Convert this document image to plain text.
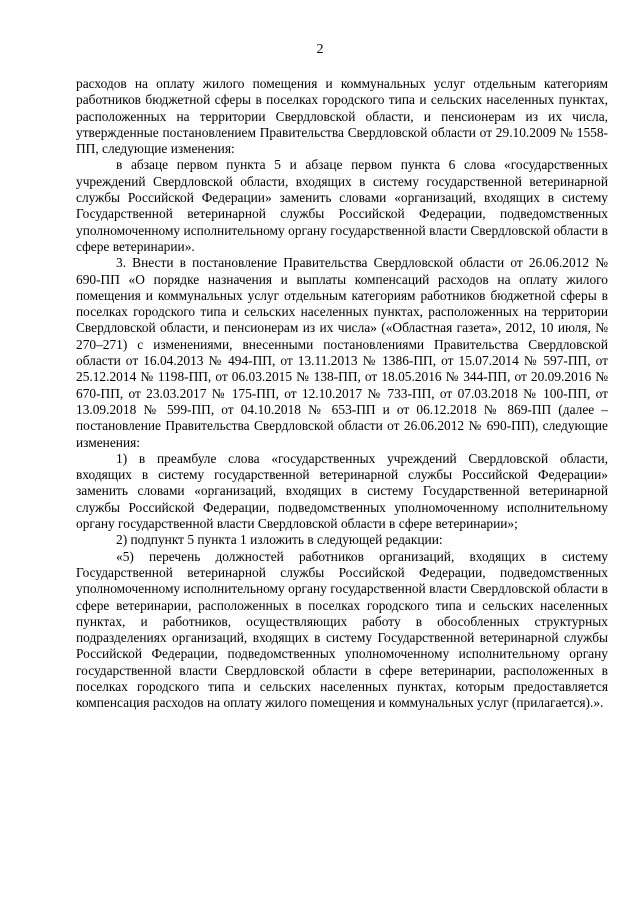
2

расходов на оплату жилого помещения и коммунальных услуг отдельным категориям работников бюджетной сферы в поселках городского типа и сельских населенных пунктах, расположенных на территории Свердловской области, и пенсионерам из их числа, утвержденные постановлением Правительства Свердловской области от 29.10.2009 № 1558-ПП, следующие изменения:

в абзаце первом пункта 5 и абзаце первом пункта 6 слова «государственных учреждений Свердловской области, входящих в систему государственной ветеринарной службы Российской Федерации» заменить словами «организаций, входящих в систему Государственной ветеринарной службы Российской Федерации, подведомственных уполномоченному исполнительному органу государственной власти Свердловской области в сфере ветеринарии».

3. Внести в постановление Правительства Свердловской области от 26.06.2012 № 690-ПП «О порядке назначения и выплаты компенсаций расходов на оплату жилого помещения и коммунальных услуг отдельным категориям работников бюджетной сферы в поселках городского типа и сельских населенных пунктах, расположенных на территории Свердловской области, и пенсионерам из их числа» («Областная газета», 2012, 10 июля, № 270–271) с изменениями, внесенными постановлениями Правительства Свердловской области от 16.04.2013 № 494-ПП, от 13.11.2013 № 1386-ПП, от 15.07.2014 № 597-ПП, от 25.12.2014 № 1198-ПП, от 06.03.2015 № 138-ПП, от 18.05.2016 № 344-ПП, от 20.09.2016 № 670-ПП, от 23.03.2017 № 175-ПП, от 12.10.2017 № 733-ПП, от 07.03.2018 № 100-ПП, от 13.09.2018 № 599-ПП, от 04.10.2018 № 653-ПП и от 06.12.2018 № 869-ПП (далее – постановление Правительства Свердловской области от 26.06.2012 № 690-ПП), следующие изменения:

1) в преамбуле слова «государственных учреждений Свердловской области, входящих в систему государственной ветеринарной службы Российской Федерации» заменить словами «организаций, входящих в систему Государственной ветеринарной службы Российской Федерации, подведомственных уполномоченному исполнительному органу государственной власти Свердловской области в сфере ветеринарии»;

2) подпункт 5 пункта 1 изложить в следующей редакции:

«5) перечень должностей работников организаций, входящих в систему Государственной ветеринарной службы Российской Федерации, подведомственных уполномоченному исполнительному органу государственной власти Свердловской области в сфере ветеринарии, расположенных в поселках городского типа и сельских населенных пунктах, и работников, осуществляющих работу в обособленных структурных подразделениях организаций, входящих в систему Государственной ветеринарной службы Российской Федерации, подведомственных уполномоченному исполнительному органу государственной власти Свердловской области в сфере ветеринарии, расположенных в поселках городского типа и сельских населенных пунктах, которым предоставляется компенсация расходов на оплату жилого помещения и коммунальных услуг (прилагается).».
